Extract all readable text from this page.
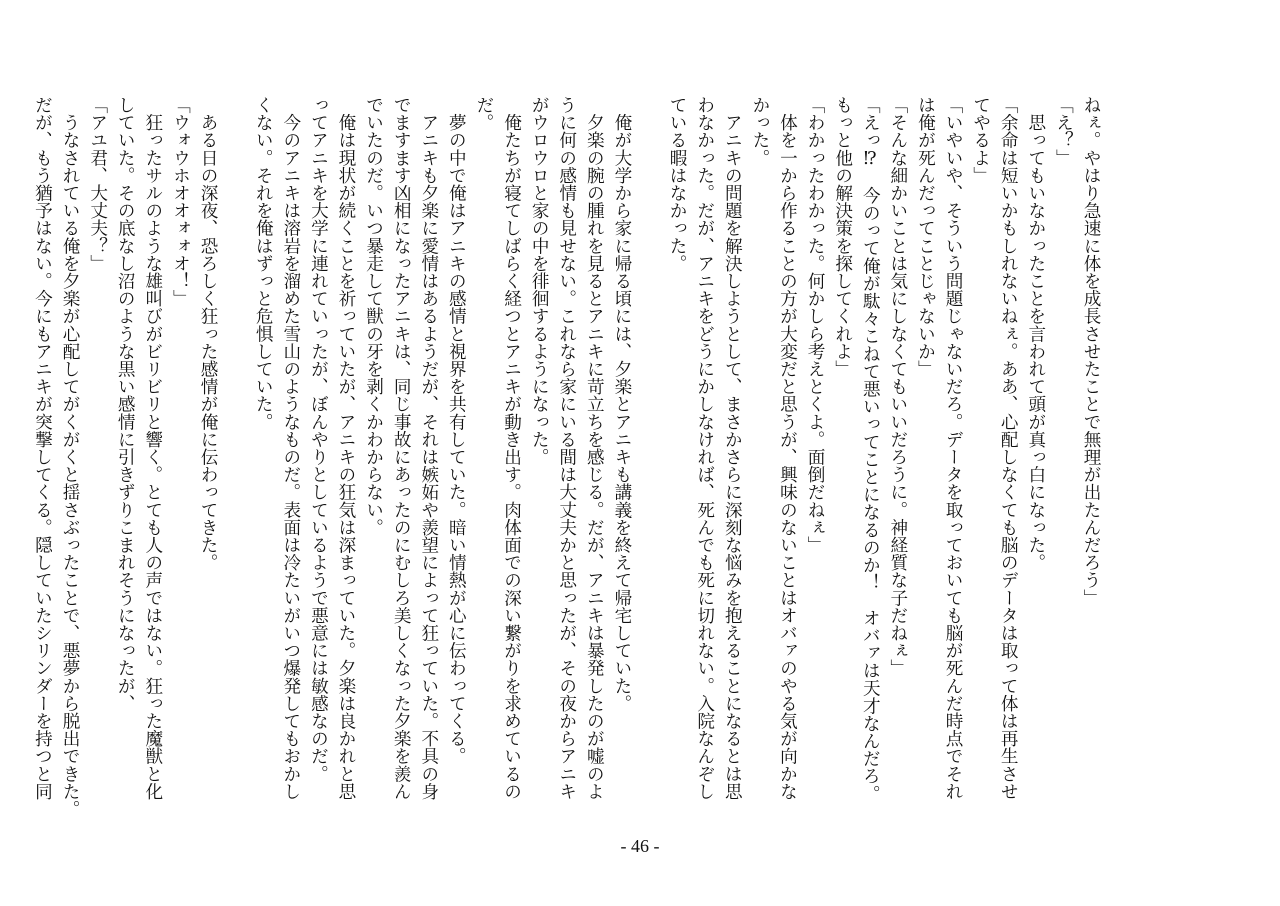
ねぇ。やはり急速に体を成長させたことで無理が出たんだろう」
「え？」
　思ってもいなかったことを言われて頭が真っ白になった。
「余命は短いかもしれないねぇ。ああ、心配しなくても脳のデータは取って体は再生させ
てやるよ」
「いやいや、そういう問題じゃないだろ。データを取っておいても脳が死んだ時点でそれ
は俺が死んだってことじゃないか」
「そんな細かいことは気にしなくてもいいだろうに。神経質な子だねぇ」
「えっ⁉　今のって俺が駄々こねて悪いってことになるのか！　オバァは天才なんだろ。
もっと他の解決策を探してくれよ」
「わかったわかった。何かしら考えとくよ。面倒だねぇ」
　体を一から作ることの方が大変だと思うが、興味のないことはオバァのやる気が向かな
かった。
　アニキの問題を解決しようとして、まさかさらに深刻な悩みを抱えることになるとは思
わなかった。だが、アニキをどうにかしなければ、死んでも死に切れない。入院なんぞし
ている暇はなかった。

　俺が大学から家に帰る頃には、夕楽とアニキも講義を終えて帰宅していた。
　夕楽の腕の腫れを見るとアニキに苛立ちを感じる。だが、アニキは暴発したのが嘘のよ
うに何の感情も見せない。これなら家にいる間は大丈夫かと思ったが、その夜からアニキ
がウロウロと家の中を徘徊するようになった。
　俺たちが寝てしばらく経つとアニキが動き出す。肉体面での深い繋がりを求めているの
だ。
　夢の中で俺はアニキの感情と視界を共有していた。暗い情熱が心に伝わってくる。
　アニキも夕楽に愛情はあるようだが、それは嫉妬や羨望によって狂っていた。不具の身
でますます凶相になったアニキは、同じ事故にあったのにむしろ美しくなった夕楽を羨ん
でいたのだ。いつ暴走して獣の牙を剥くかわからない。
　俺は現状が続くことを祈っていたが、アニキの狂気は深まっていた。夕楽は良かれと思
ってアニキを大学に連れていったが、ぼんやりとしているようで悪意には敏感なのだ。
　今のアニキは溶岩を溜めた雪山のようなものだ。表面は冷たいがいつ爆発してもおかし
くない。それを俺はずっと危惧していた。

　ある日の深夜、恐ろしく狂った感情が俺に伝わってきた。
「ウォウホオオォォオ！」
　狂ったサルのような雄叫びがビリビリと響く。とても人の声ではない。狂った魔獣と化
していた。その底なし沼のような黒い感情に引きずりこまれそうになったが、
「アユ君、大丈夫？」
　うなされている俺を夕楽が心配してがくがくと揺さぶったことで、悪夢から脱出できた。
だが、もう猶予はない。今にもアニキが突撃してくる。隠していたシリンダーを持つと同
- 46 -
